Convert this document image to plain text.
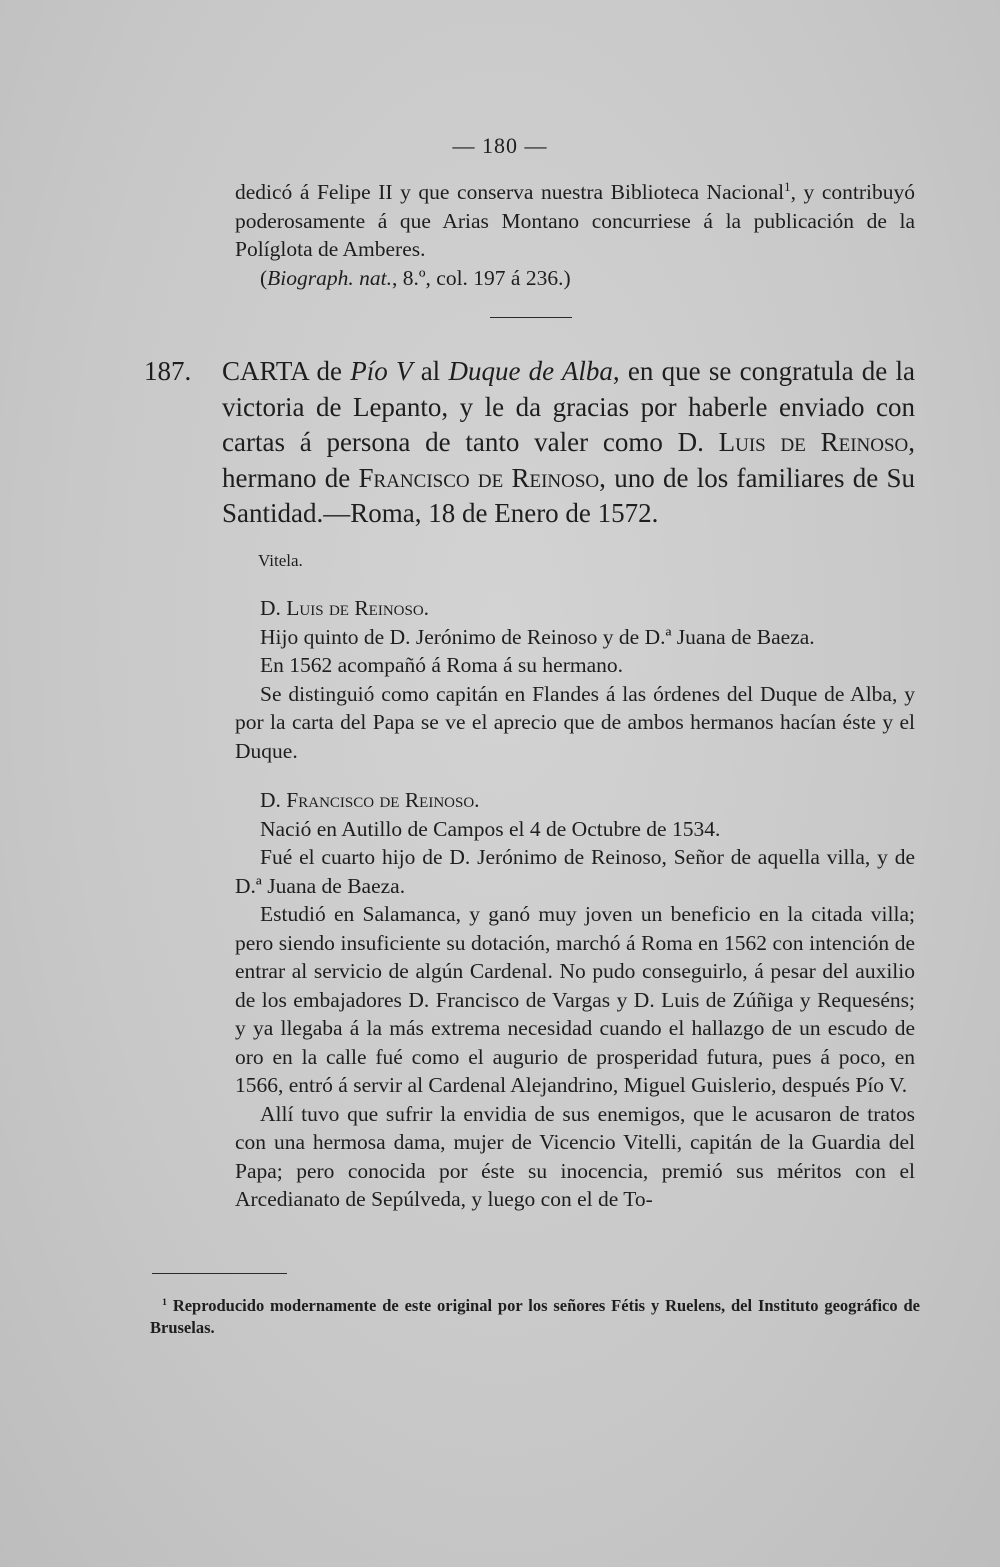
— 180 —

dedicó á Felipe II y que conserva nuestra Biblioteca Nacional$^1$, y contribuyó poderosamente á que Arias Montano concurriese á la publicación de la Políglota de Amberes.

(Biograph. nat., 8.º, col. 197 á 236.)

187. CARTA de Pío V al Duque de Alba, en que se congratula de la victoria de Lepanto, y le da gracias por haberle enviado con cartas á persona de tanto valer como D. Luis de Reinoso, hermano de Francisco de Reinoso, uno de los familiares de Su Santidad.—Roma, 18 de Enero de 1572.
Vitela.

D. Luis de Reinoso.

Hijo quinto de D. Jerónimo de Reinoso y de D.ª Juana de Baeza.

En 1562 acompañó á Roma á su hermano.

Se distinguió como capitán en Flandes á las órdenes del Duque de Alba, y por la carta del Papa se ve el aprecio que de ambos hermanos hacían éste y el Duque.

D. Francisco de Reinoso.

Nació en Autillo de Campos el 4 de Octubre de 1534.

Fué el cuarto hijo de D. Jerónimo de Reinoso, Señor de aquella villa, y de D.ª Juana de Baeza.

Estudió en Salamanca, y ganó muy joven un beneficio en la citada villa; pero siendo insuficiente su dotación, marchó á Roma en 1562 con intención de entrar al servicio de algún Cardenal. No pudo conseguirlo, á pesar del auxilio de los embajadores D. Francisco de Vargas y D. Luis de Zúñiga y Requeséns; y ya llegaba á la más extrema necesidad cuando el hallazgo de un escudo de oro en la calle fué como el augurio de prosperidad futura, pues á poco, en 1566, entró á servir al Cardenal Alejandrino, Miguel Guislerio, después Pío V.

Allí tuvo que sufrir la envidia de sus enemigos, que le acusaron de tratos con una hermosa dama, mujer de Vicencio Vitelli, capitán de la Guardia del Papa; pero conocida por éste su inocencia, premió sus méritos con el Arcedianato de Sepúlveda, y luego con el de To-

$^1$ Reproducido modernamente de este original por los señores Fétis y Ruelens, del Instituto geográfico de Bruselas.
